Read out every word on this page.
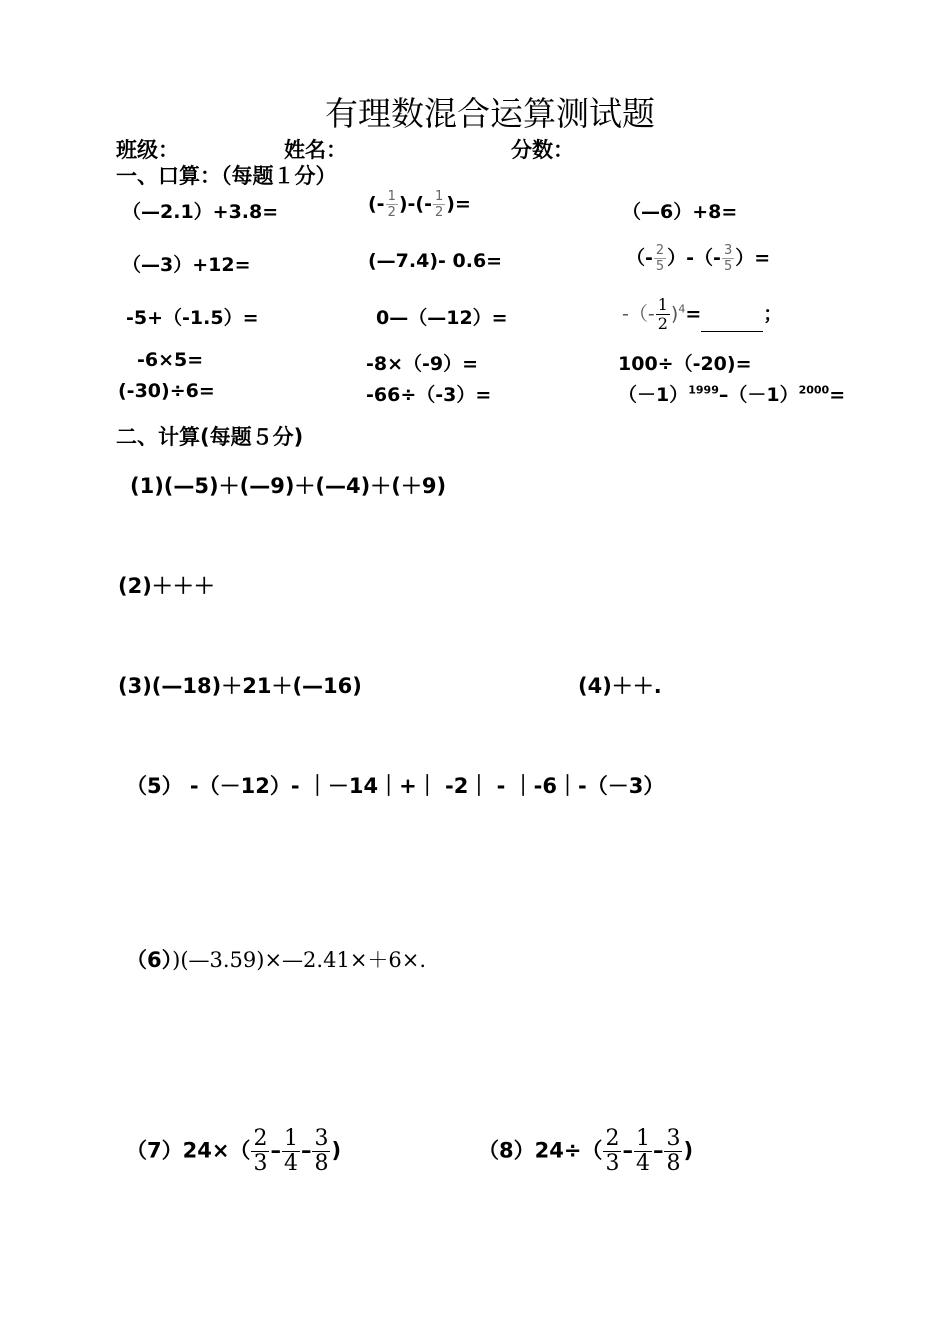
有理数混合运算测试题
班级：	姓名：	分数：
一、口算：（每题１分）
（—2.1）+3.8=	(- $\frac{1}{2}$ )-(- $\frac{1}{2}$ )=	（—6）+8=
（—3）+12=	(—7.4)- 0.6=	（- $\frac{2}{5}$ ）-（- $\frac{3}{5}$ ）=
-5+（-1.5）=	0—（—12）=	-（- $\frac{1}{2} )^4=$	；
-6×5=	-8×（-9）=	100÷（-20)=
(-30)÷6=	-66÷（-3）=	$(-1)^{1999}-(-1)^{2000}=$
二、计算(每题５分)
(1)(—5)＋(—9)＋(—4)＋(＋9)
(2)＋＋＋
(3)(—18)＋21＋(—16)	(4)＋＋.
（5） -（－12）- ｜－14｜+｜ -2｜ - ｜-6｜-（－3）
（6）)(—3.59)×—2.41×＋6×.
$(7)24\times( \frac{2}{3} - \frac{1}{4} - \frac{3}{8}$ )	$(8)24\div( \frac{2}{3} - \frac{1}{4} - \frac{3}{8}$ )
